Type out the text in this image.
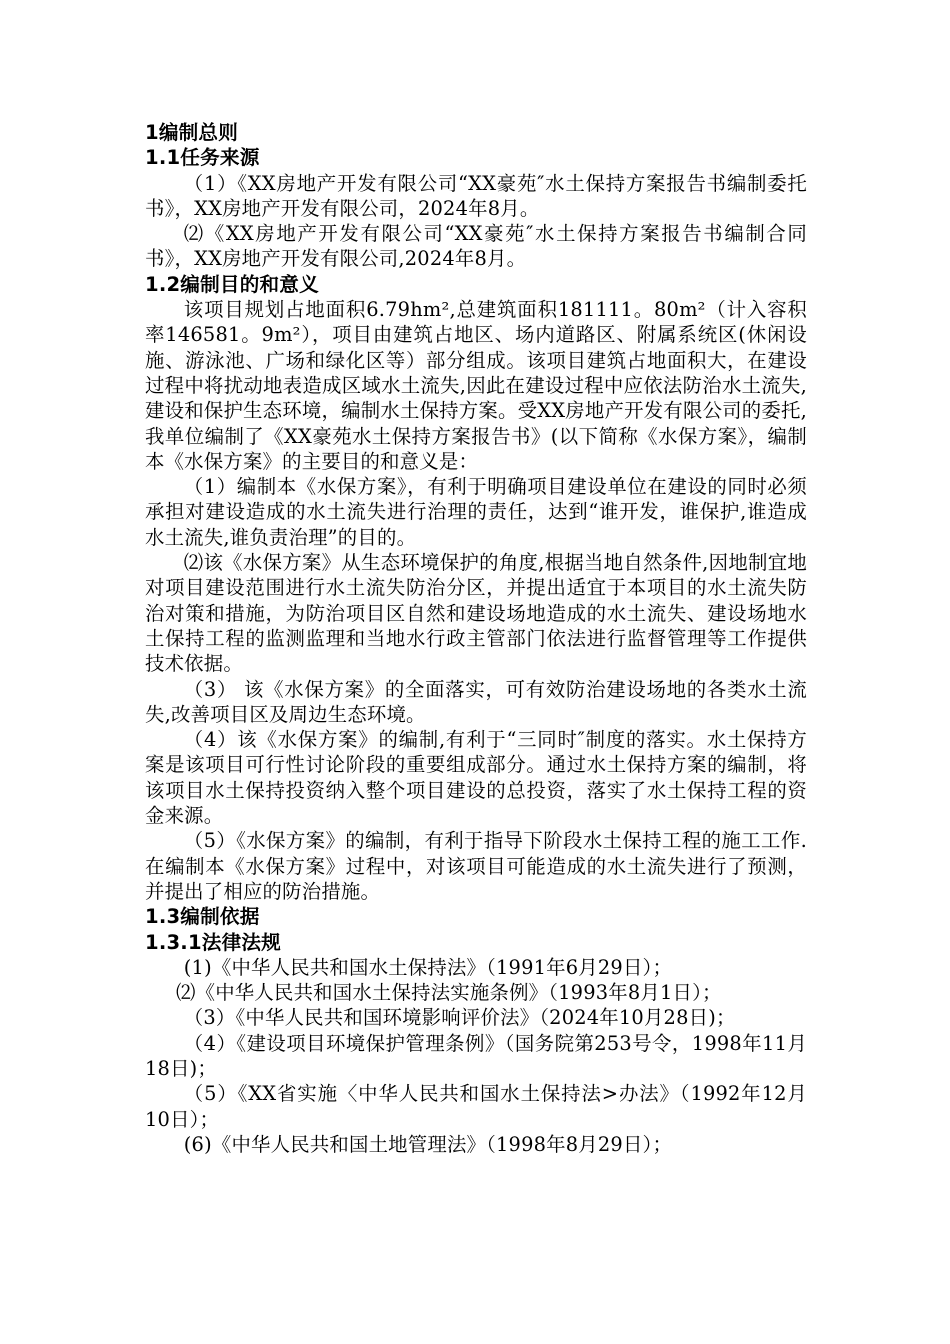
1编制总则

1.1任务来源

（1）《XX房地产开发有限公司“XX豪苑″水土保持方案报告书编制委托书》，XX房地产开发有限公司，2024年8月。

⑵《XX房地产开发有限公司“XX豪苑″水土保持方案报告书编制合同书》，XX房地产开发有限公司,2024年8月。

1.2编制目的和意义

该项目规划占地面积6.79hm²,总建筑面积181111。80m²（计入容积率146581。9m²），项目由建筑占地区、场内道路区、附属系统区(休闲设施、游泳池、广场和绿化区等）部分组成。该项目建筑占地面积大，在建设过程中将扰动地表造成区域水土流失,因此在建设过程中应依法防治水土流失,建设和保护生态环境，编制水土保持方案。受XX房地产开发有限公司的委托,我单位编制了《XX豪苑水土保持方案报告书》(以下简称《水保方案》，编制本《水保方案》的主要目的和意义是：

（1）编制本《水保方案》，有利于明确项目建设单位在建设的同时必须承担对建设造成的水土流失进行治理的责任，达到“谁开发，谁保护,谁造成水土流失,谁负责治理”的目的。

⑵该《水保方案》从生态环境保护的角度,根据当地自然条件,因地制宜地对项目建设范围进行水土流失防治分区，并提出适宜于本项目的水土流失防治对策和措施，为防治项目区自然和建设场地造成的水土流失、建设场地水土保持工程的监测监理和当地水行政主管部门依法进行监督管理等工作提供技术依据。

（3） 该《水保方案》的全面落实，可有效防治建设场地的各类水土流失,改善项目区及周边生态环境。

（4）该《水保方案》的编制,有利于“三同时″制度的落实。水土保持方案是该项目可行性讨论阶段的重要组成部分。通过水土保持方案的编制，将该项目水土保持投资纳入整个项目建设的总投资，落实了水土保持工程的资金来源。

（5）《水保方案》的编制，有利于指导下阶段水土保持工程的施工工作.在编制本《水保方案》过程中，对该项目可能造成的水土流失进行了预测，并提出了相应的防治措施。

1.3编制依据

1.3.1法律法规

(1)《中华人民共和国水土保持法》（1991年6月29日）；

⑵《中华人民共和国水土保持法实施条例》（1993年8月1日）；

（3）《中华人民共和国环境影响评价法》（2024年10月28日)；

（4）《建设项目环境保护管理条例》（国务院第253号令，1998年11月18日)；

（5）《XX省实施〈中华人民共和国水土保持法>办法》（1992年12月10日）；

(6)《中华人民共和国土地管理法》（1998年8月29日）；
